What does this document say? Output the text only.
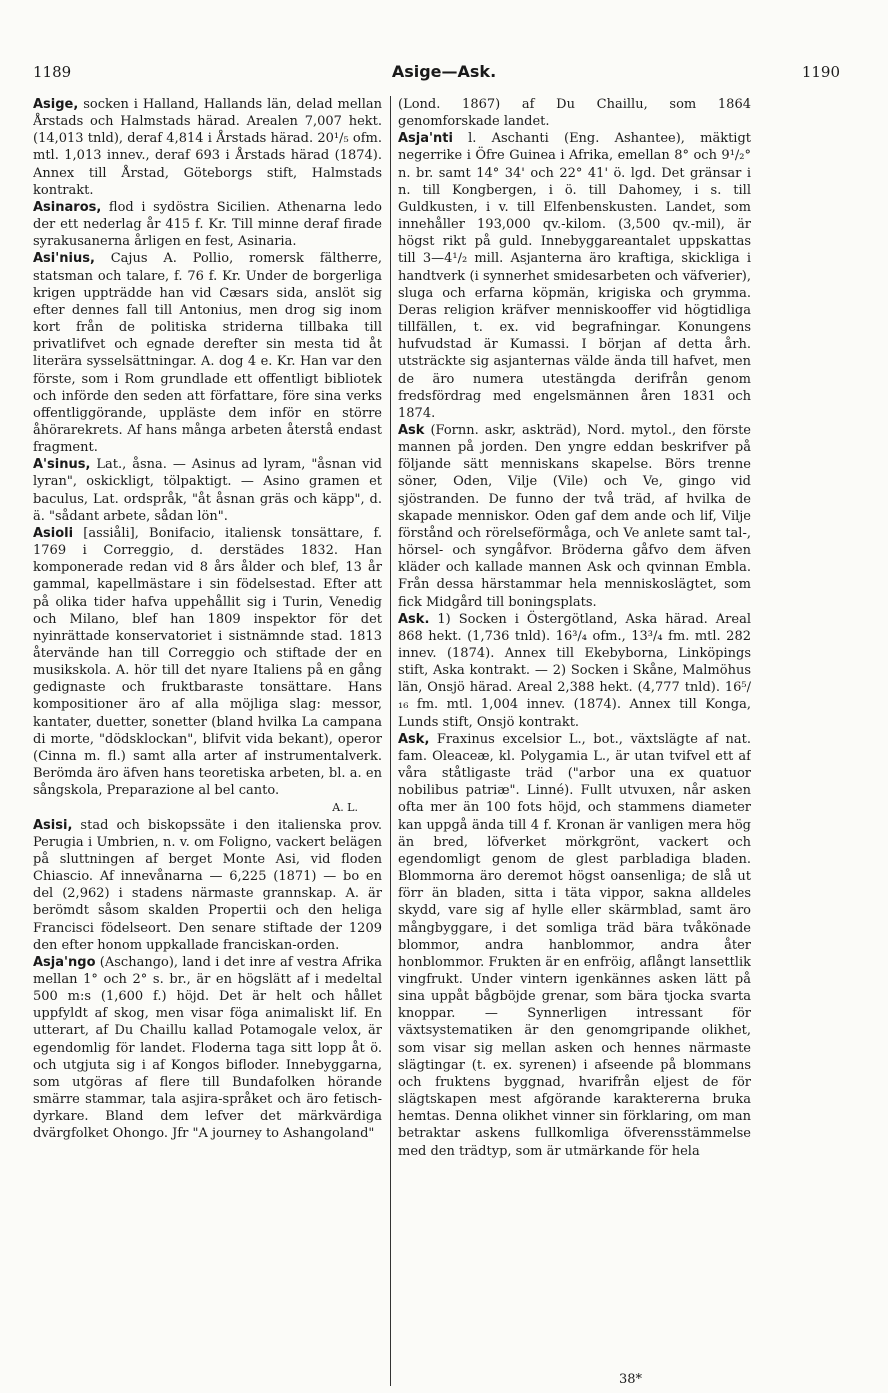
1189	Asige—Ask.	1190

Asige, socken i Halland, Hallands län, delad mellan Årstads och Halmstads härad. Arealen 7,007 hekt. (14,013 tnld), deraf 4,814 i Årstads härad. 20¹/₅ ofm. mtl. 1,013 innev., deraf 693 i Årstads härad (1874). Annex till Årstad, Göteborgs stift, Halmstads kontrakt.

Asinaros, flod i sydöstra Sicilien. Athenarna ledo der ett nederlag år 415 f. Kr. Till minne deraf firade syrakusanerna årligen en fest, Asinaria.

Asi'nius, Cajus A. Pollio, romersk fältherre, statsman och talare, f. 76 f. Kr. Under de borgerliga krigen uppträdde han vid Cæsars sida, anslöt sig efter dennes fall till Antonius, men drog sig inom kort från de politiska striderna tillbaka till privatlifvet och egnade derefter sin mesta tid åt literära sysselsättningar. A. dog 4 e. Kr. Han var den förste, som i Rom grundlade ett offentligt bibliotek och införde den seden att författare, före sina verks offentliggörande, uppläste dem inför en större åhörarekrets. Af hans många arbeten återstå endast fragment.

A'sinus, Lat., åsna. — Asinus ad lyram, "åsnan vid lyran", oskickligt, tölpaktigt. — Asino gramen et baculus, Lat. ordspråk, "åt åsnan gräs och käpp", d. ä. "sådant arbete, sådan lön".

Asioli [assiåli], Bonifacio, italiensk tonsättare, f. 1769 i Correggio, d. derstädes 1832. Han komponerade redan vid 8 års ålder och blef, 13 år gammal, kapellmästare i sin födelsestad. Efter att på olika tider hafva uppehållit sig i Turin, Venedig och Milano, blef han 1809 inspektor för det nyinrättade konservatoriet i sistnämnde stad. 1813 återvände han till Correggio och stiftade der en musikskola. A. hör till det nyare Italiens på en gång gedignaste och fruktbaraste tonsättare. Hans kompositioner äro af alla möjliga slag: messor, kantater, duetter, sonetter (bland hvilka La campana di morte, "dödsklockan", blifvit vida bekant), operor (Cinna m. fl.) samt alla arter af instrumentalverk. Berömda äro äfven hans teoretiska arbeten, bl. a. en sångskola, Preparazione al bel canto.

A. L.

Asisi, stad och biskopssäte i den italienska prov. Perugia i Umbrien, n. v. om Foligno, vackert belägen på sluttningen af berget Monte Asi, vid floden Chiascio. Af innevånarna — 6,225 (1871) — bo en del (2,962) i stadens närmaste grannskap. A. är berömdt såsom skalden Propertii och den heliga Francisci födelseort. Den senare stiftade der 1209 den efter honom uppkallade franciskan-orden.

Asja'ngo (Aschango), land i det inre af vestra Afrika mellan 1° och 2° s. br., är en högslätt af i medeltal 500 m:s (1,600 f.) höjd. Det är helt och hållet uppfyldt af skog, men visar föga animaliskt lif. En utterart, af Du Chaillu kallad Potamogale velox, är egendomlig för landet. Floderna taga sitt lopp åt ö. och utgjuta sig i af Kongos bifloder. Innebyggarna, som utgöras af flere till Bundafolken hörande smärre stammar, tala asjira-språket och äro fetisch-dyrkare. Bland dem lefver det märkvärdiga dvärgfolket Ohongo. Jfr "A journey to Ashangoland"

(Lond. 1867) af Du Chaillu, som 1864 genomforskade landet.

Asja'nti l. Aschanti (Eng. Ashantee), mäktigt negerrike i Öfre Guinea i Afrika, emellan 8° och 9¹/₂° n. br. samt 14° 34' och 22° 41' ö. lgd. Det gränsar i n. till Kongbergen, i ö. till Dahomey, i s. till Guldkusten, i v. till Elfenbenskusten. Landet, som innehåller 193,000 qv.-kilom. (3,500 qv.-mil), är högst rikt på guld. Innebyggareantalet uppskattas till 3—4¹/₂ mill. Asjanterna äro kraftiga, skickliga i handtverk (i synnerhet smidesarbeten och väfverier), sluga och erfarna köpmän, krigiska och grymma. Deras religion kräfver menniskooffer vid högtidliga tillfällen, t. ex. vid begrafningar. Konungens hufvudstad är Kumassi. I början af detta årh. utsträckte sig asjanternas välde ända till hafvet, men de äro numera utestängda derifrån genom fredsfördrag med engelsmännen åren 1831 och 1874.

Ask (Fornn. askr, askträd), Nord. mytol., den förste mannen på jorden. Den yngre eddan beskrifver på följande sätt menniskans skapelse. Börs trenne söner, Oden, Vilje (Vile) och Ve, gingo vid sjöstranden. De funno der två träd, af hvilka de skapade menniskor. Oden gaf dem ande och lif, Vilje förstånd och rörelseförmåga, och Ve anlete samt tal-, hörsel- och syngåfvor. Bröderna gåfvo dem äfven kläder och kallade mannen Ask och qvinnan Embla. Från dessa härstammar hela menniskoslägtet, som fick Midgård till boningsplats.

Ask. 1) Socken i Östergötland, Aska härad. Areal 868 hekt. (1,736 tnld). 16³/₄ ofm., 13³/₄ fm. mtl. 282 innev. (1874). Annex till Ekebyborna, Linköpings stift, Aska kontrakt. — 2) Socken i Skåne, Malmöhus län, Onsjö härad. Areal 2,388 hekt. (4,777 tnld). 16⁵/₁₆ fm. mtl. 1,004 innev. (1874). Annex till Konga, Lunds stift, Onsjö kontrakt.

Ask, Fraxinus excelsior L., bot., växtslägte af nat. fam. Oleaceæ, kl. Polygamia L., är utan tvifvel ett af våra ståtligaste träd ("arbor una ex quatuor nobilibus patriæ". Linné). Fullt utvuxen, når asken ofta mer än 100 fots höjd, och stammens diameter kan uppgå ända till 4 f. Kronan är vanligen mera hög än bred, löfverket mörkgrönt, vackert och egendomligt genom de glest parbladiga bladen. Blommorna äro deremot högst oansenliga; de slå ut förr än bladen, sitta i täta vippor, sakna alldeles skydd, vare sig af hylle eller skärmblad, samt äro mångbyggare, i det somliga träd bära tvåkönade blommor, andra hanblommor, andra åter honblommor. Frukten är en enfröig, aflångt lansettlik vingfrukt. Under vintern igenkännes asken lätt på sina uppåt bågböjde grenar, som bära tjocka svarta knoppar. — Synnerligen intressant för växtsystematiken är den genomgripande olikhet, som visar sig mellan asken och hennes närmaste slägtingar (t. ex. syrenen) i afseende på blommans och fruktens byggnad, hvarifrån eljest de för slägtskapen mest afgörande karaktererna bruka hemtas. Denna olikhet vinner sin förklaring, om man betraktar askens fullkomliga öfverensstämmelse med den trädtyp, som är utmärkande för hela

38*
